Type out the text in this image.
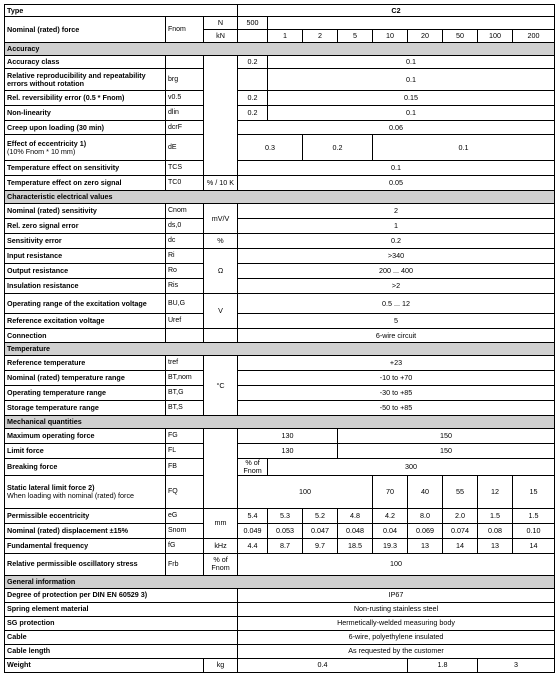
Type			C2									
Nominal (rated) force	Fnom	N	500									
		kN		1	2	5	10	20	50	100	200	
Accuracy												
Accuracy class			0.2	0.1								
Relative reproducibility and repeatability errors without rotation	brg			0.1								
Rel. reversibility error (0.5 * Fnom)	v0.5		0.2	0.15								
Non-linearity	dlin		0.2	0.1								
Creep upon loading (30 min)	dcrF		0.06									
Effect of eccentricity 1)
(10% Fnom * 10 mm)	dE		0.3		0.2		0.1					
Temperature effect on sensitivity	TCS		0.1									
Temperature effect on zero signal	TC0	% / 10 K	0.05									
Characteristic electrical values												
Nominal (rated) sensitivity	Cnom	mV/V	2									
Rel. zero signal error	ds,0		1									
Sensitivity error	dc	%	0.2									
Input resistance	Ri	Ω	>340									
Output resistance	Ro		200 ... 400									
Insulation resistance	Ris		>2									
Operating range of the excitation voltage	BU,G	V	0.5 ... 12									
Reference excitation voltage	Uref		5									
Connection			6-wire circuit									
Temperature												
Reference temperature	tref	°C	+23									
Nominal (rated) temperature range	BT,nom		-10 to +70									
Operating temperature range	BT,G		-30 to +85									
Storage temperature range	BT,S		-50 to +85									
Mechanical quantities												
Maximum operating force	FG		130			150						
Limit force	FL		130			150						
Breaking force	FB		% of Fnom	300								
Static lateral limit force 2)
When loading with nominal (rated) force	FQ		100				70	40	55	12	15	
Permissible eccentricity	eG	mm	5.4	5.3	5.2	4.8	4.2	8.0	2.0	1.5	1.5	
Nominal (rated) displacement ±15%	Snom		0.049	0.053	0.047	0.048	0.04	0.069	0.074	0.08	0.10	
Fundamental frequency	fG	kHz	4.4	8.7	9.7	18.5	19.3	13	14	13	14	
Relative permissible oscillatory stress	Frb	% of Fnom	100									
General information												
Degree of protection per DIN EN 60529 3)			IP67									
Spring element material			Non-rusting stainless steel									
SG protection			Hermetically-welded measuring body									
Cable			6-wire, polyethylene insulated									
Cable length			As requested by the customer									
Weight		kg	0.4					1.8		3		
